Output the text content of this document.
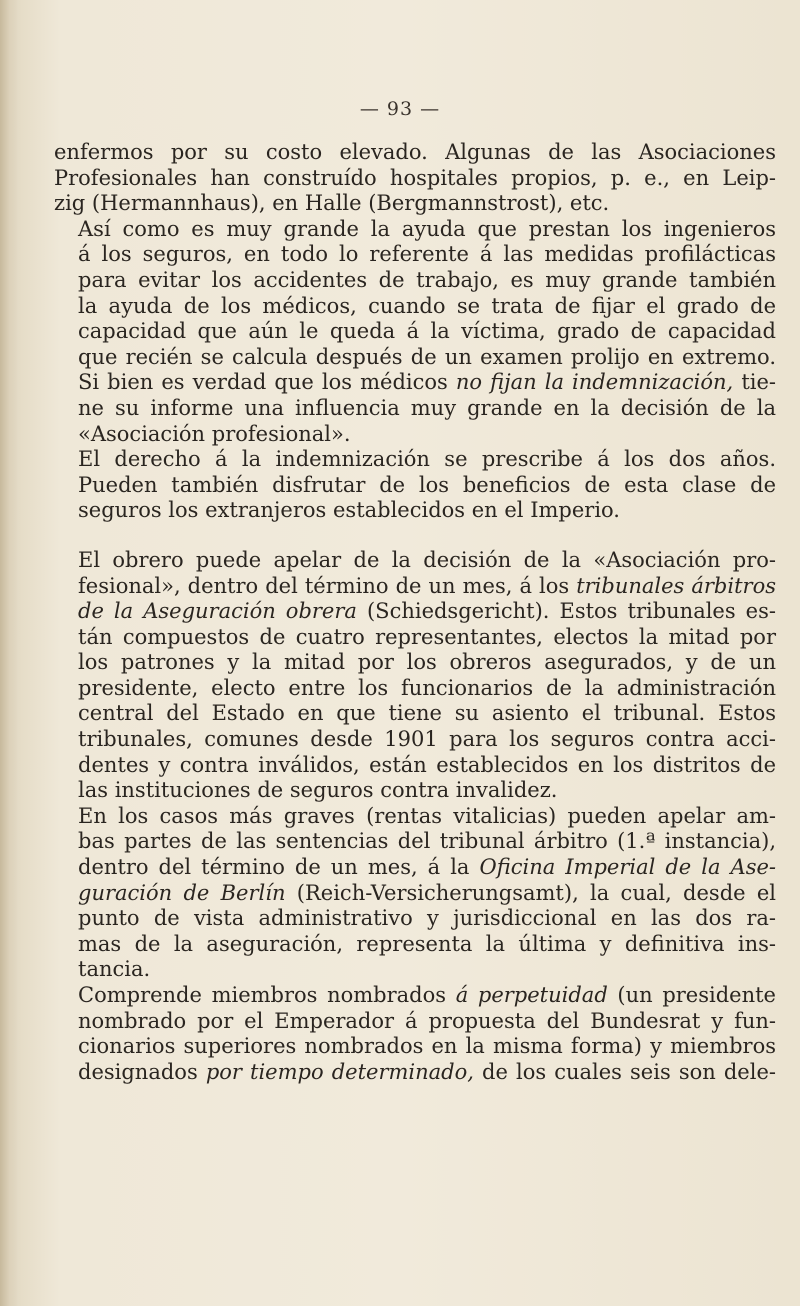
— 93 —

enfermos por su costo elevado. Algunas de las Asociaciones
Profesionales han construído hospitales propios, p. e., en Leip-
zig (Hermannhaus), en Halle (Bergmannstrost), etc.

Así como es muy grande la ayuda que prestan los ingenieros
á los seguros, en todo lo referente á las medidas profilácticas
para evitar los accidentes de trabajo, es muy grande también
la ayuda de los médicos, cuando se trata de fijar el grado de
capacidad que aún le queda á la víctima, grado de capacidad
que recién se calcula después de un examen prolijo en extremo.
Si bien es verdad que los médicos no fijan la indemnización, tie-
ne su informe una influencia muy grande en la decisión de la
«Asociación profesional».

El derecho á la indemnización se prescribe á los dos años.
Pueden también disfrutar de los beneficios de esta clase de
seguros los extranjeros establecidos en el Imperio.

El obrero puede apelar de la decisión de la «Asociación pro-
fesional», dentro del término de un mes, á los tribunales árbitros
de la Aseguración obrera (Schiedsgericht). Estos tribunales es-
tán compuestos de cuatro representantes, electos la mitad por
los patrones y la mitad por los obreros asegurados, y de un
presidente, electo entre los funcionarios de la administración
central del Estado en que tiene su asiento el tribunal. Estos
tribunales, comunes desde 1901 para los seguros contra acci-
dentes y contra inválidos, están establecidos en los distritos de
las instituciones de seguros contra invalidez.

En los casos más graves (rentas vitalicias) pueden apelar am-
bas partes de las sentencias del tribunal árbitro (1.ª instancia),
dentro del término de un mes, á la Oficina Imperial de la Ase-
guración de Berlín (Reich-Versicherungsamt), la cual, desde el
punto de vista administrativo y jurisdiccional en las dos ra-
mas de la aseguración, representa la última y definitiva ins-
tancia.

Comprende miembros nombrados á perpetuidad (un presidente
nombrado por el Emperador á propuesta del Bundesrat y fun-
cionarios superiores nombrados en la misma forma) y miembros
designados por tiempo determinado, de los cuales seis son dele-
